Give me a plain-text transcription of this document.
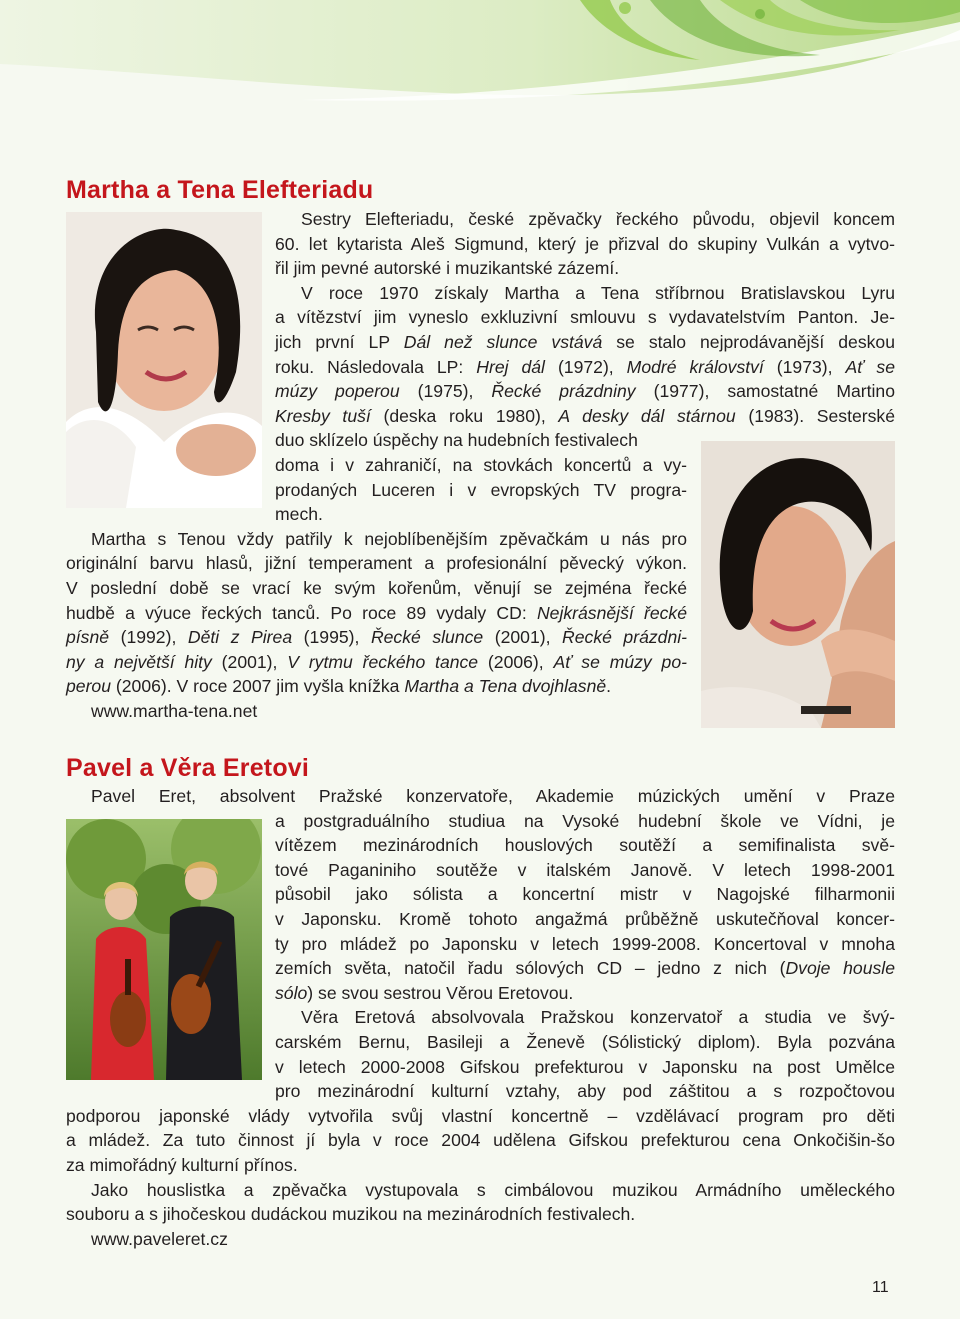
Martha a Tena Elefteriadu

Sestry Elefteriadu, české zpěvačky řeckého původu, objevil koncem

60. let kytarista Aleš Sigmund, který je přizval do skupiny Vulkán a vytvo-

řil jim pevné autorské i muzikantské zázemí.

V roce 1970 získaly Martha a Tena stříbrnou Bratislavskou Lyru

a vítězství jim vyneslo exkluzivní smlouvu s vydavatelstvím Panton. Je-

jich první LP Dál než slunce vstává se stalo nejprodávanější deskou

roku. Následovala LP: Hrej dál (1972), Modré království (1973), Ať se

múzy poperou (1975), Řecké prázdniny (1977), samostatné Martino

Kresby tuší (deska roku 1980), A desky dál stárnou (1983). Sesterské

duo sklízelo úspěchy na hudebních festivalech

doma i v zahraničí, na stovkách koncertů a vy-

prodaných Luceren i v evropských TV progra-

mech.

Martha s Tenou vždy patřily k nejoblíbenějším zpěvačkám u nás pro

originální barvu hlasů, jižní temperament a profesionální pěvecký výkon.

V poslední době se vrací ke svým kořenům, věnují se zejména řecké

hudbě a výuce řeckých tanců. Po roce 89 vydaly CD: Nejkrásnější řecké

písně (1992), Děti z Pirea (1995), Řecké slunce (2001), Řecké prázdni-

ny a největší hity (2001), V rytmu řeckého tance (2006), Ať se múzy po-

perou (2006). V roce 2007 jim vyšla knížka Martha a Tena dvojhlasně.

www.martha-tena.net

Pavel a Věra Eretovi

Pavel Eret, absolvent Pražské konzervatoře, Akademie múzických umění v Praze

a postgraduálního studiua na Vysoké hudební škole ve Vídni, je

vítězem mezinárodních houslových soutěží a semifinalista svě-

tové Paganiniho soutěže v italském Janově. V letech 1998-2001

působil jako sólista a koncertní mistr v Nagojské filharmonii

v Japonsku. Kromě tohoto angažmá průběžně uskutečňoval koncer-

ty pro mládež po Japonsku v letech 1999-2008. Koncertoval v mnoha

zemích světa, natočil řadu sólových CD – jedno z nich (Dvoje housle

sólo) se svou sestrou Věrou Eretovou.

Věra Eretová absolvovala Pražskou konzervatoř a studia ve švý-

carském Bernu, Basileji a Ženevě (Sólistický diplom). Byla pozvána

v letech 2000-2008 Gifskou prefekturou v Japonsku na post Umělce

pro mezinárodní kulturní vztahy, aby pod záštitou a s rozpočtovou

podporou japonské vlády vytvořila svůj vlastní koncertně – vzdělávací program pro děti

a mládež. Za tuto činnost jí byla v roce 2004 udělena Gifskou prefekturou cena Onkočišin-šo

za mimořádný kulturní přínos.

Jako houslistka a zpěvačka vystupovala s cimbálovou muzikou Armádního uměleckého

souboru a s jihočeskou dudáckou muzikou na mezinárodních festivalech.

www.paveleret.cz

11
